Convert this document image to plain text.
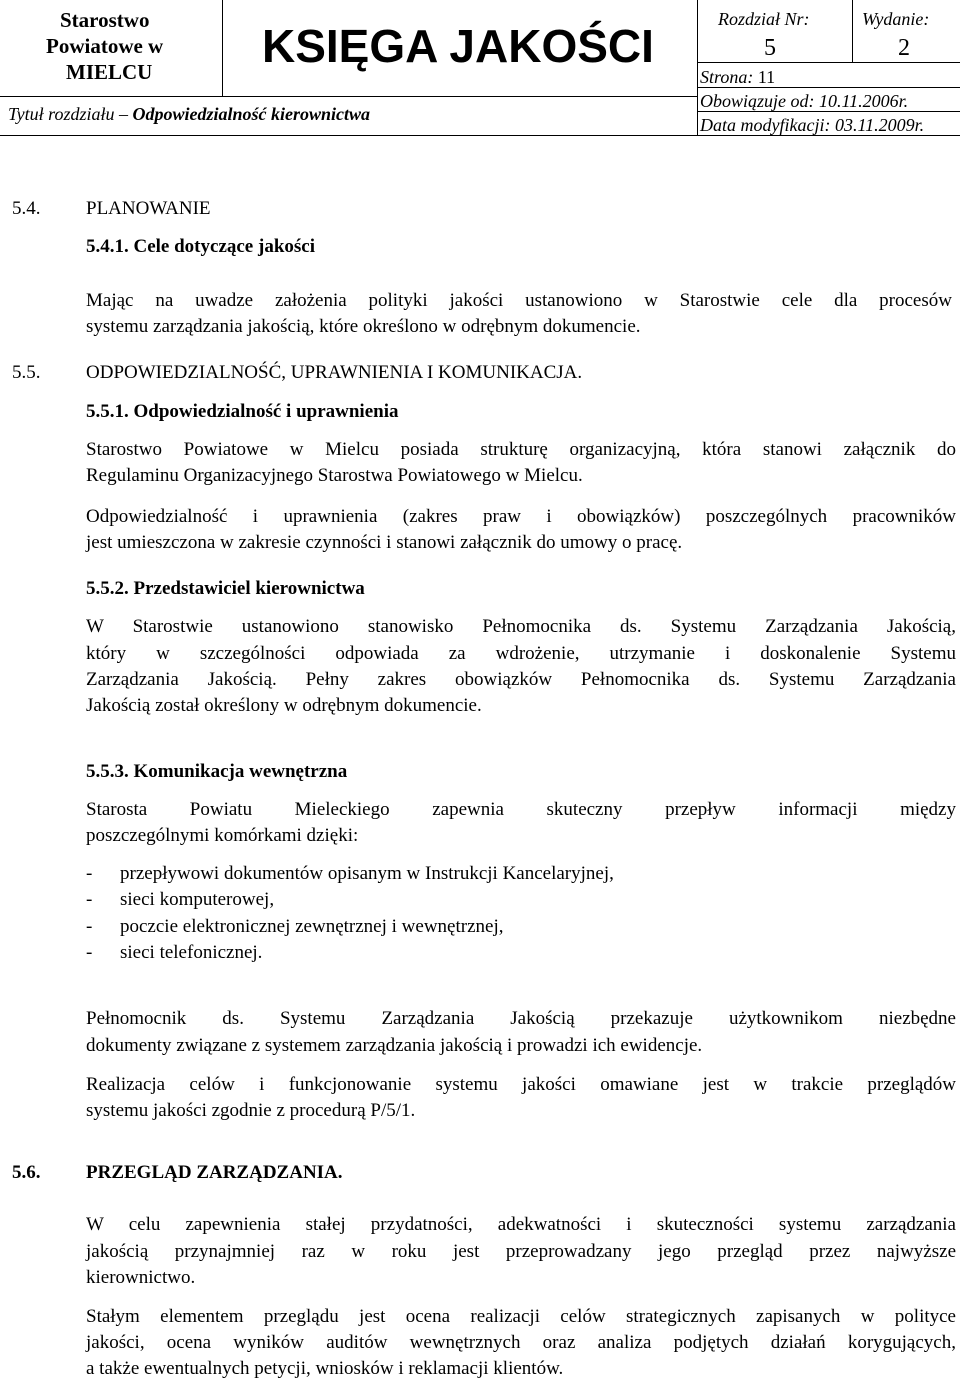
Starostwo
Powiatowe w
MIELCU KSIĘGA JAKOŚCI
Rozdział Nr:
5
Wydanie:
2
Strona: 11
Obowiązuje od: 10.11.2006r.
Data modyfikacji: 03.11.2009r.
Tytuł rozdziału – Odpowiedzialność kierownictwa
5.4. PLANOWANIE
5.4.1. Cele dotyczące jakości
Mając na uwadze założenia polityki jakości ustanowiono w Starostwie cele dla procesów
systemu zarządzania jakością, które określono w odrębnym dokumencie.
5.5. ODPOWIEDZIALNOŚĆ, UPRAWNIENIA I KOMUNIKACJA.
5.5.1. Odpowiedzialność i uprawnienia
Starostwo Powiatowe w Mielcu posiada strukturę organizacyjną, która stanowi załącznik do
Regulaminu Organizacyjnego Starostwa Powiatowego w Mielcu.
Odpowiedzialność i uprawnienia (zakres praw i obowiązków) poszczególnych pracowników
jest umieszczona w zakresie czynności i stanowi załącznik do umowy o pracę.
5.5.2. Przedstawiciel kierownictwa
W Starostwie ustanowiono stanowisko Pełnomocnika ds. Systemu Zarządzania Jakością,
który w szczególności odpowiada za wdrożenie, utrzymanie i doskonalenie Systemu
Zarządzania Jakością. Pełny zakres obowiązków Pełnomocnika ds. Systemu Zarządzania
Jakością został określony w odrębnym dokumencie.
5.5.3. Komunikacja wewnętrzna
Starosta Powiatu Mieleckiego zapewnia skuteczny przepływ informacji między
poszczególnymi komórkami dzięki:
- przepływowi dokumentów opisanym w Instrukcji Kancelaryjnej,
- sieci komputerowej,
- poczcie elektronicznej zewnętrznej i wewnętrznej,
- sieci telefonicznej.
Pełnomocnik ds. Systemu Zarządzania Jakością przekazuje użytkownikom niezbędne
dokumenty związane z systemem zarządzania jakością i prowadzi ich ewidencje.
Realizacja celów i funkcjonowanie systemu jakości omawiane jest w trakcie przeglądów
systemu jakości zgodnie z procedurą P/5/1.
5.6. PRZEGLĄD ZARZĄDZANIA.
W celu zapewnienia stałej przydatności, adekwatności i skuteczności systemu zarządzania
jakością przynajmniej raz w roku jest przeprowadzany jego przegląd przez najwyższe
kierownictwo.
Stałym elementem przeglądu jest ocena realizacji celów strategicznych zapisanych w polityce
jakości, ocena wyników auditów wewnętrznych oraz analiza podjętych działań korygujących,
a także ewentualnych petycji, wniosków i reklamacji klientów.
